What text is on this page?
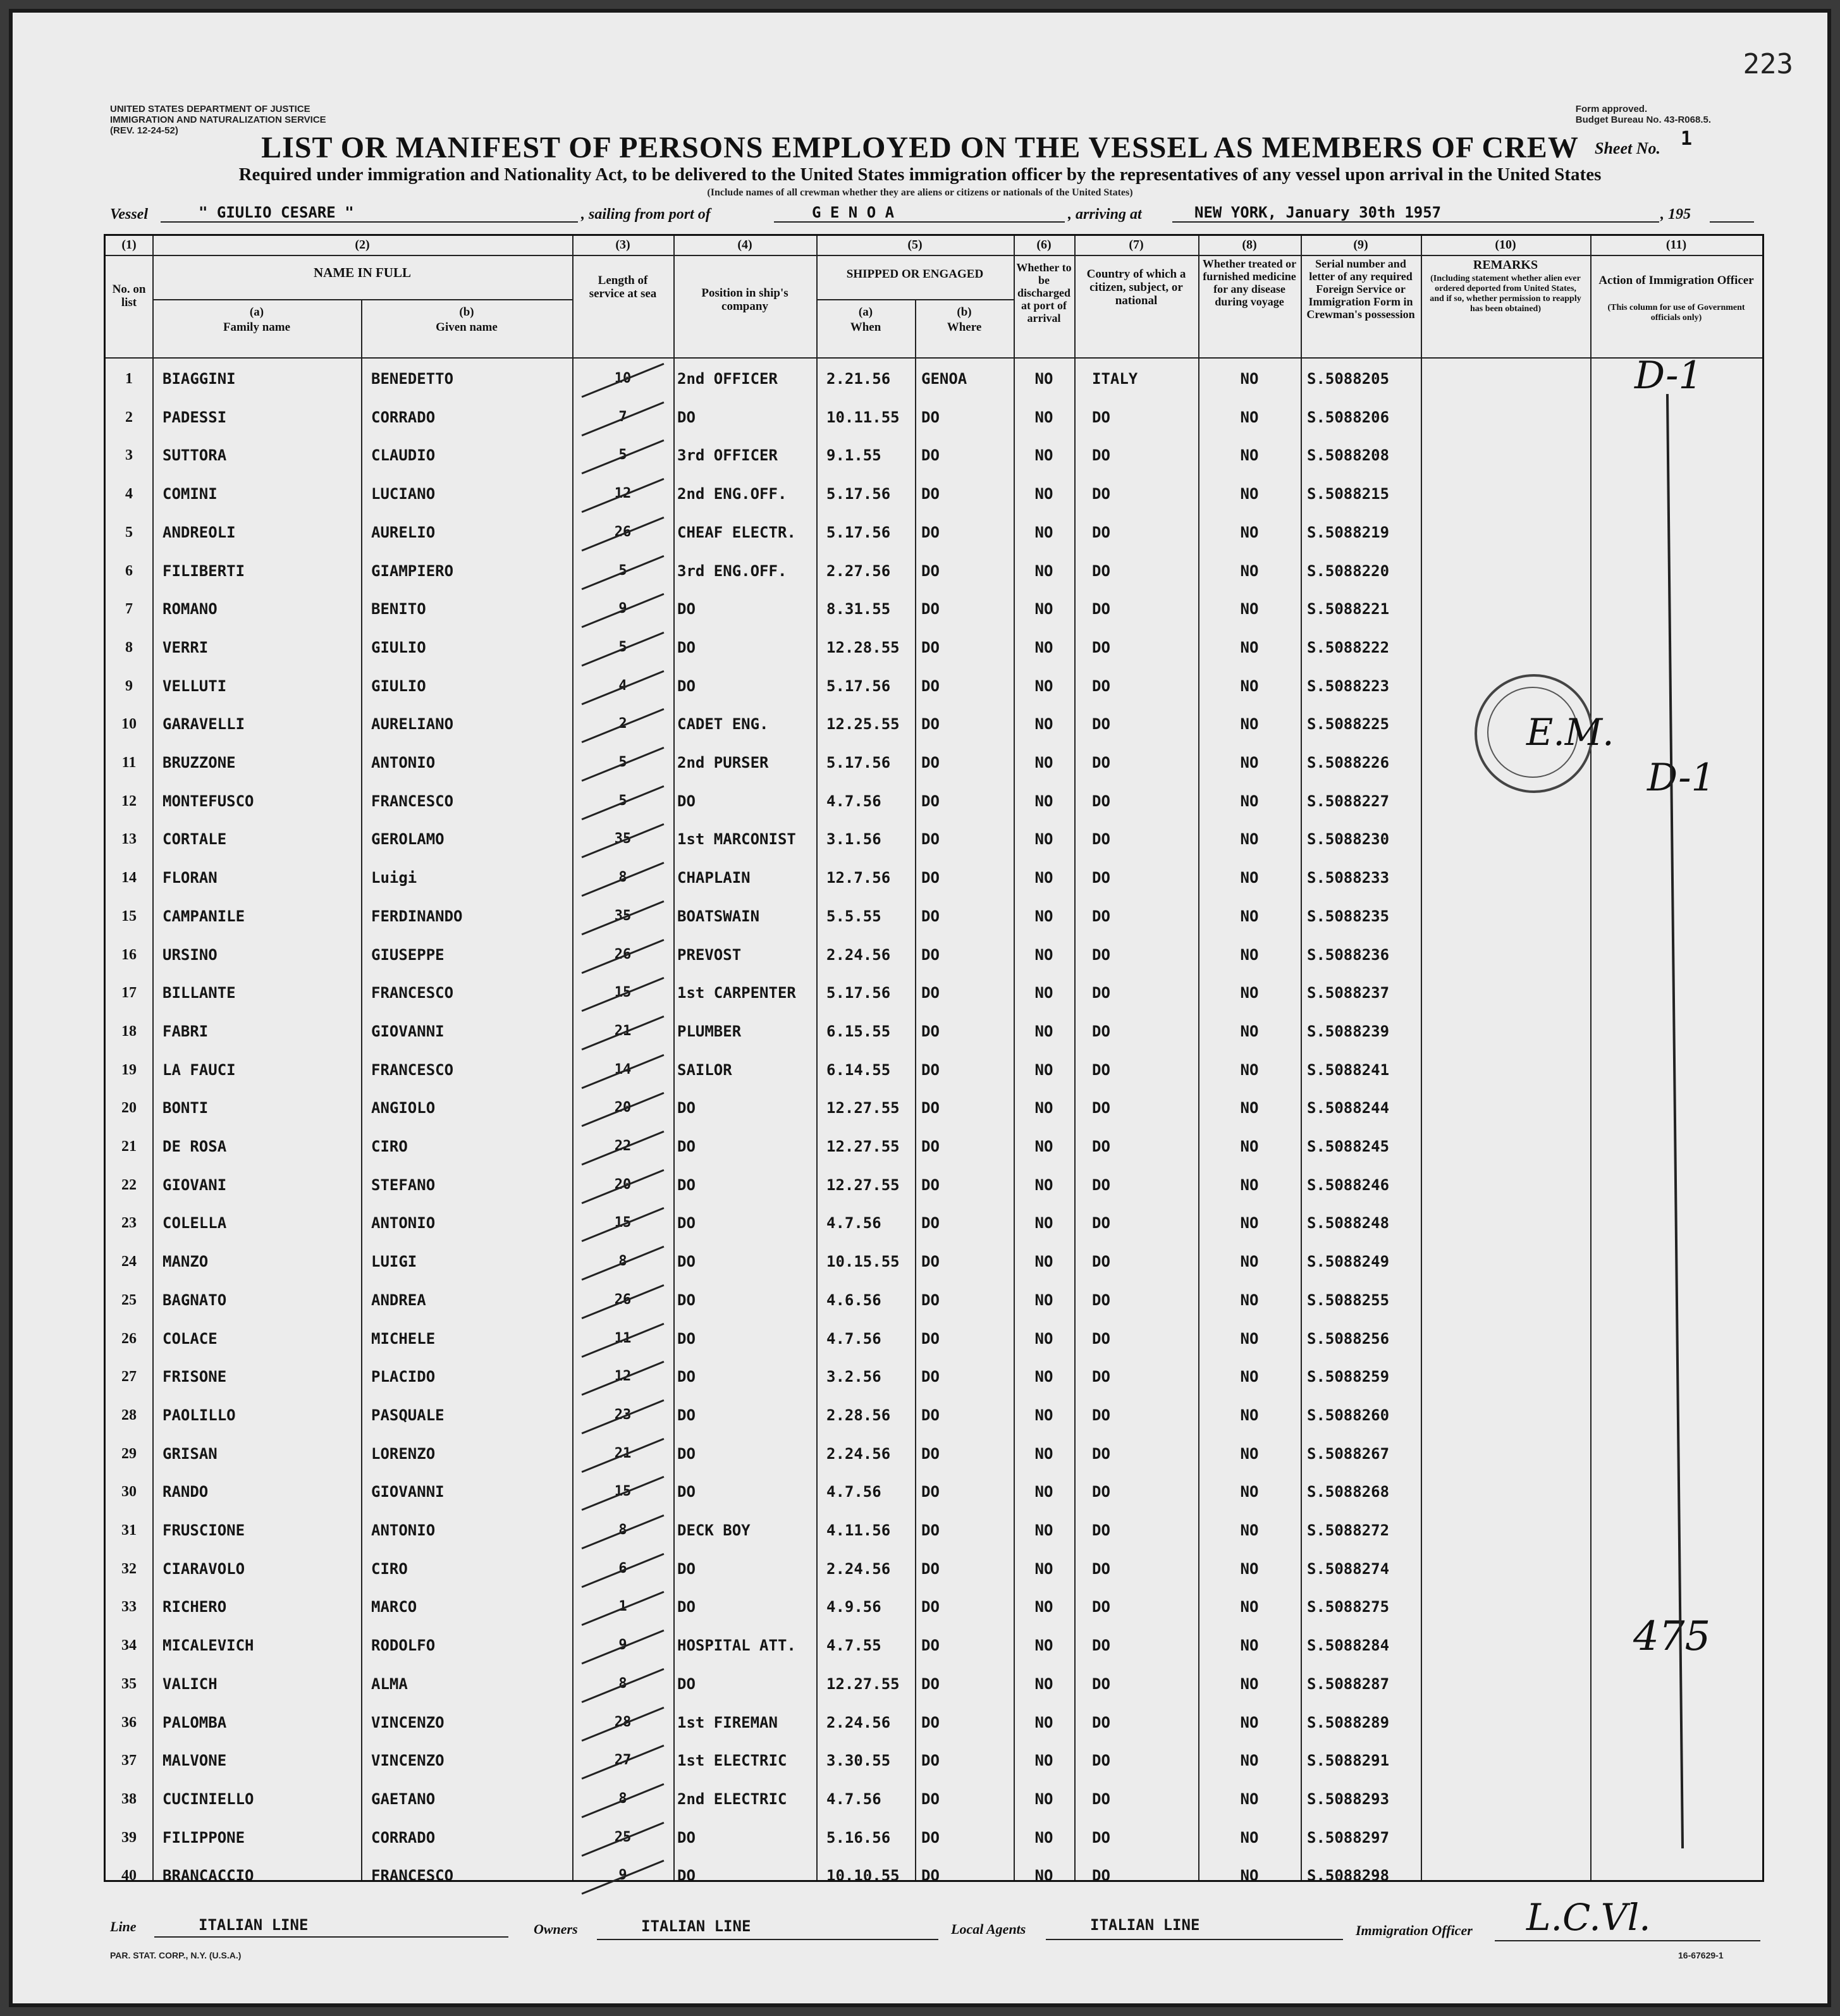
223
UNITED STATES DEPARTMENT OF JUSTICE
IMMIGRATION AND NATURALIZATION SERVICE
(REV. 12-24-52)
Form approved.
Budget Bureau No. 43-R068.5.
LIST OR MANIFEST OF PERSONS EMPLOYED ON THE VESSEL AS MEMBERS OF CREW Sheet No. 1
Required under immigration and Nationality Act, to be delivered to the United States immigration officer by the representatives of any vessel upon arrival in the United States
(Include names of all crewman whether they are aliens or citizens or nationals of the United States)
Vessel	" GIULIO CESARE "	, sailing from port of	G E N O A	, arriving at	NEW YORK, January 30th 1957	, 195
(1)	(2)	(3)	(4)	(5)	(6)	(7)	(8)	(9)	(10)	(11)
No. on list
NAME IN FULL
(a)
Family name
(b)
Given name
Length of service at sea	Position in ship's company
SHIPPED OR ENGAGED
(a)
When
(b)
Where
Whether to be discharged at port of arrival
Country of which a citizen, subject, or national
Whether treated or furnished medicine for any disease during voyage
Serial number and letter of any required Foreign Service or Immigration Form in Crewman's possession
REMARKS
(Including statement whether alien ever ordered deported from United States, and if so, whether permission to reapply has been obtained)
Action of Immigration Officer
(This column for use of Government officials only)
1	BIAGGINI	BENEDETTO	10	2nd OFFICER	2.21.56	GENOA	NO	ITALY	NO	S.5088205
2	PADESSI	CORRADO	7	DO	10.11.55	DO	NO	DO	NO	S.5088206
3	SUTTORA	CLAUDIO	5	3rd OFFICER	9.1.55	DO	NO	DO	NO	S.5088208
4	COMINI	LUCIANO	12	2nd ENG.OFF.	5.17.56	DO	NO	DO	NO	S.5088215
5	ANDREOLI	AURELIO	26	CHEAF ELECTR.	5.17.56	DO	NO	DO	NO	S.5088219
6	FILIBERTI	GIAMPIERO	5	3rd ENG.OFF.	2.27.56	DO	NO	DO	NO	S.5088220
7	ROMANO	BENITO	9	DO	8.31.55	DO	NO	DO	NO	S.5088221
8	VERRI	GIULIO	5	DO	12.28.55	DO	NO	DO	NO	S.5088222
9	VELLUTI	GIULIO	4	DO	5.17.56	DO	NO	DO	NO	S.5088223
10	GARAVELLI	AURELIANO	2	CADET ENG.	12.25.55	DO	NO	DO	NO	S.5088225
11	BRUZZONE	ANTONIO	5	2nd PURSER	5.17.56	DO	NO	DO	NO	S.5088226
12	MONTEFUSCO	FRANCESCO	5	DO	4.7.56	DO	NO	DO	NO	S.5088227
13	CORTALE	GEROLAMO	35	1st MARCONIST	3.1.56	DO	NO	DO	NO	S.5088230
14	FLORAN	Luigi	8	CHAPLAIN	12.7.56	DO	NO	DO	NO	S.5088233
15	CAMPANILE	FERDINANDO	35	BOATSWAIN	5.5.55	DO	NO	DO	NO	S.5088235
16	URSINO	GIUSEPPE	26	PREVOST	2.24.56	DO	NO	DO	NO	S.5088236
17	BILLANTE	FRANCESCO	15	1st CARPENTER	5.17.56	DO	NO	DO	NO	S.5088237
18	FABRI	GIOVANNI	21	PLUMBER	6.15.55	DO	NO	DO	NO	S.5088239
19	LA FAUCI	FRANCESCO	14	SAILOR	6.14.55	DO	NO	DO	NO	S.5088241
20	BONTI	ANGIOLO	20	DO	12.27.55	DO	NO	DO	NO	S.5088244
21	DE ROSA	CIRO	22	DO	12.27.55	DO	NO	DO	NO	S.5088245
22	GIOVANI	STEFANO	20	DO	12.27.55	DO	NO	DO	NO	S.5088246
23	COLELLA	ANTONIO	15	DO	4.7.56	DO	NO	DO	NO	S.5088248
24	MANZO	LUIGI	8	DO	10.15.55	DO	NO	DO	NO	S.5088249
25	BAGNATO	ANDREA	26	DO	4.6.56	DO	NO	DO	NO	S.5088255
26	COLACE	MICHELE	11	DO	4.7.56	DO	NO	DO	NO	S.5088256
27	FRISONE	PLACIDO	12	DO	3.2.56	DO	NO	DO	NO	S.5088259
28	PAOLILLO	PASQUALE	23	DO	2.28.56	DO	NO	DO	NO	S.5088260
29	GRISAN	LORENZO	21	DO	2.24.56	DO	NO	DO	NO	S.5088267
30	RANDO	GIOVANNI	15	DO	4.7.56	DO	NO	DO	NO	S.5088268
31	FRUSCIONE	ANTONIO	8	DECK BOY	4.11.56	DO	NO	DO	NO	S.5088272
32	CIARAVOLO	CIRO	6	DO	2.24.56	DO	NO	DO	NO	S.5088274
33	RICHERO	MARCO	1	DO	4.9.56	DO	NO	DO	NO	S.5088275
34	MICALEVICH	RODOLFO	9	HOSPITAL ATT.	4.7.55	DO	NO	DO	NO	S.5088284
35	VALICH	ALMA	8	DO	12.27.55	DO	NO	DO	NO	S.5088287
36	PALOMBA	VINCENZO	28	1st FIREMAN	2.24.56	DO	NO	DO	NO	S.5088289
37	MALVONE	VINCENZO	27	1st ELECTRIC	3.30.55	DO	NO	DO	NO	S.5088291
38	CUCINIELLO	GAETANO	8	2nd ELECTRIC	4.7.56	DO	NO	DO	NO	S.5088293
39	FILIPPONE	CORRADO	25	DO	5.16.56	DO	NO	DO	NO	S.5088297
40	BRANCACCIO	FRANCESCO	9	DO	10.10.55	DO	NO	DO	NO	S.5088298
D-1
D-1
475
E.M.
Line	ITALIAN LINE	Owners	ITALIAN LINE	Local Agents	ITALIAN LINE	Immigration Officer L.C.Vl.
PAR. STAT. CORP., N.Y. (U.S.A.)	16-67629-1
